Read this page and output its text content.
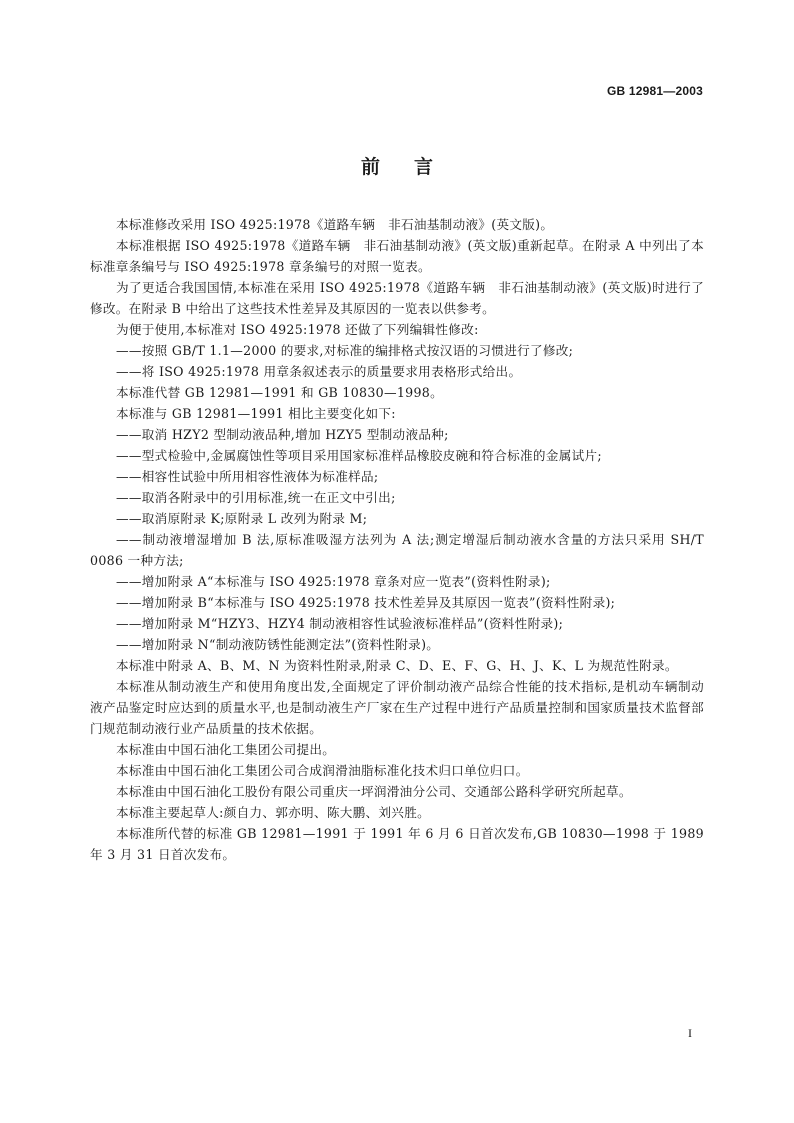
GB 12981—2003
前言

本标准修改采用 ISO 4925:1978《道路车辆　非石油基制动液》(英文版)。

本标准根据 ISO 4925:1978《道路车辆　非石油基制动液》(英文版)重新起草。在附录 A 中列出了本标准章条编号与 ISO 4925:1978 章条编号的对照一览表。

为了更适合我国国情,本标准在采用 ISO 4925:1978《道路车辆　非石油基制动液》(英文版)时进行了修改。在附录 B 中给出了这些技术性差异及其原因的一览表以供参考。

为便于使用,本标准对 ISO 4925:1978 还做了下列编辑性修改:

——按照 GB/T 1.1—2000 的要求,对标准的编排格式按汉语的习惯进行了修改;

——将 ISO 4925:1978 用章条叙述表示的质量要求用表格形式给出。

本标准代替 GB 12981—1991 和 GB 10830—1998。

本标准与 GB 12981—1991 相比主要变化如下:

——取消 HZY2 型制动液品种,增加 HZY5 型制动液品种;

——型式检验中,金属腐蚀性等项目采用国家标准样品橡胶皮碗和符合标准的金属试片;

——相容性试验中所用相容性液体为标准样品;

——取消各附录中的引用标准,统一在正文中引出;

——取消原附录 K;原附录 L 改列为附录 M;

——制动液增湿增加 B 法,原标准吸湿方法列为 A 法;测定增湿后制动液水含量的方法只采用 SH/T 0086 一种方法;

——增加附录 A“本标准与 ISO 4925:1978 章条对应一览表”(资料性附录);

——增加附录 B“本标准与 ISO 4925:1978 技术性差异及其原因一览表”(资料性附录);

——增加附录 M“HZY3、HZY4 制动液相容性试验液标准样品”(资料性附录);

——增加附录 N“制动液防锈性能测定法”(资料性附录)。

本标准中附录 A、B、M、N 为资料性附录,附录 C、D、E、F、G、H、J、K、L 为规范性附录。

本标准从制动液生产和使用角度出发,全面规定了评价制动液产品综合性能的技术指标,是机动车辆制动液产品鉴定时应达到的质量水平,也是制动液生产厂家在生产过程中进行产品质量控制和国家质量技术监督部门规范制动液行业产品质量的技术依据。

本标准由中国石油化工集团公司提出。

本标准由中国石油化工集团公司合成润滑油脂标准化技术归口单位归口。

本标准由中国石油化工股份有限公司重庆一坪润滑油分公司、交通部公路科学研究所起草。

本标准主要起草人:颜自力、郭亦明、陈大鹏、刘兴胜。

本标准所代替的标准 GB 12981—1991 于 1991 年 6 月 6 日首次发布,GB 10830—1998 于 1989 年 3 月 31 日首次发布。

I
